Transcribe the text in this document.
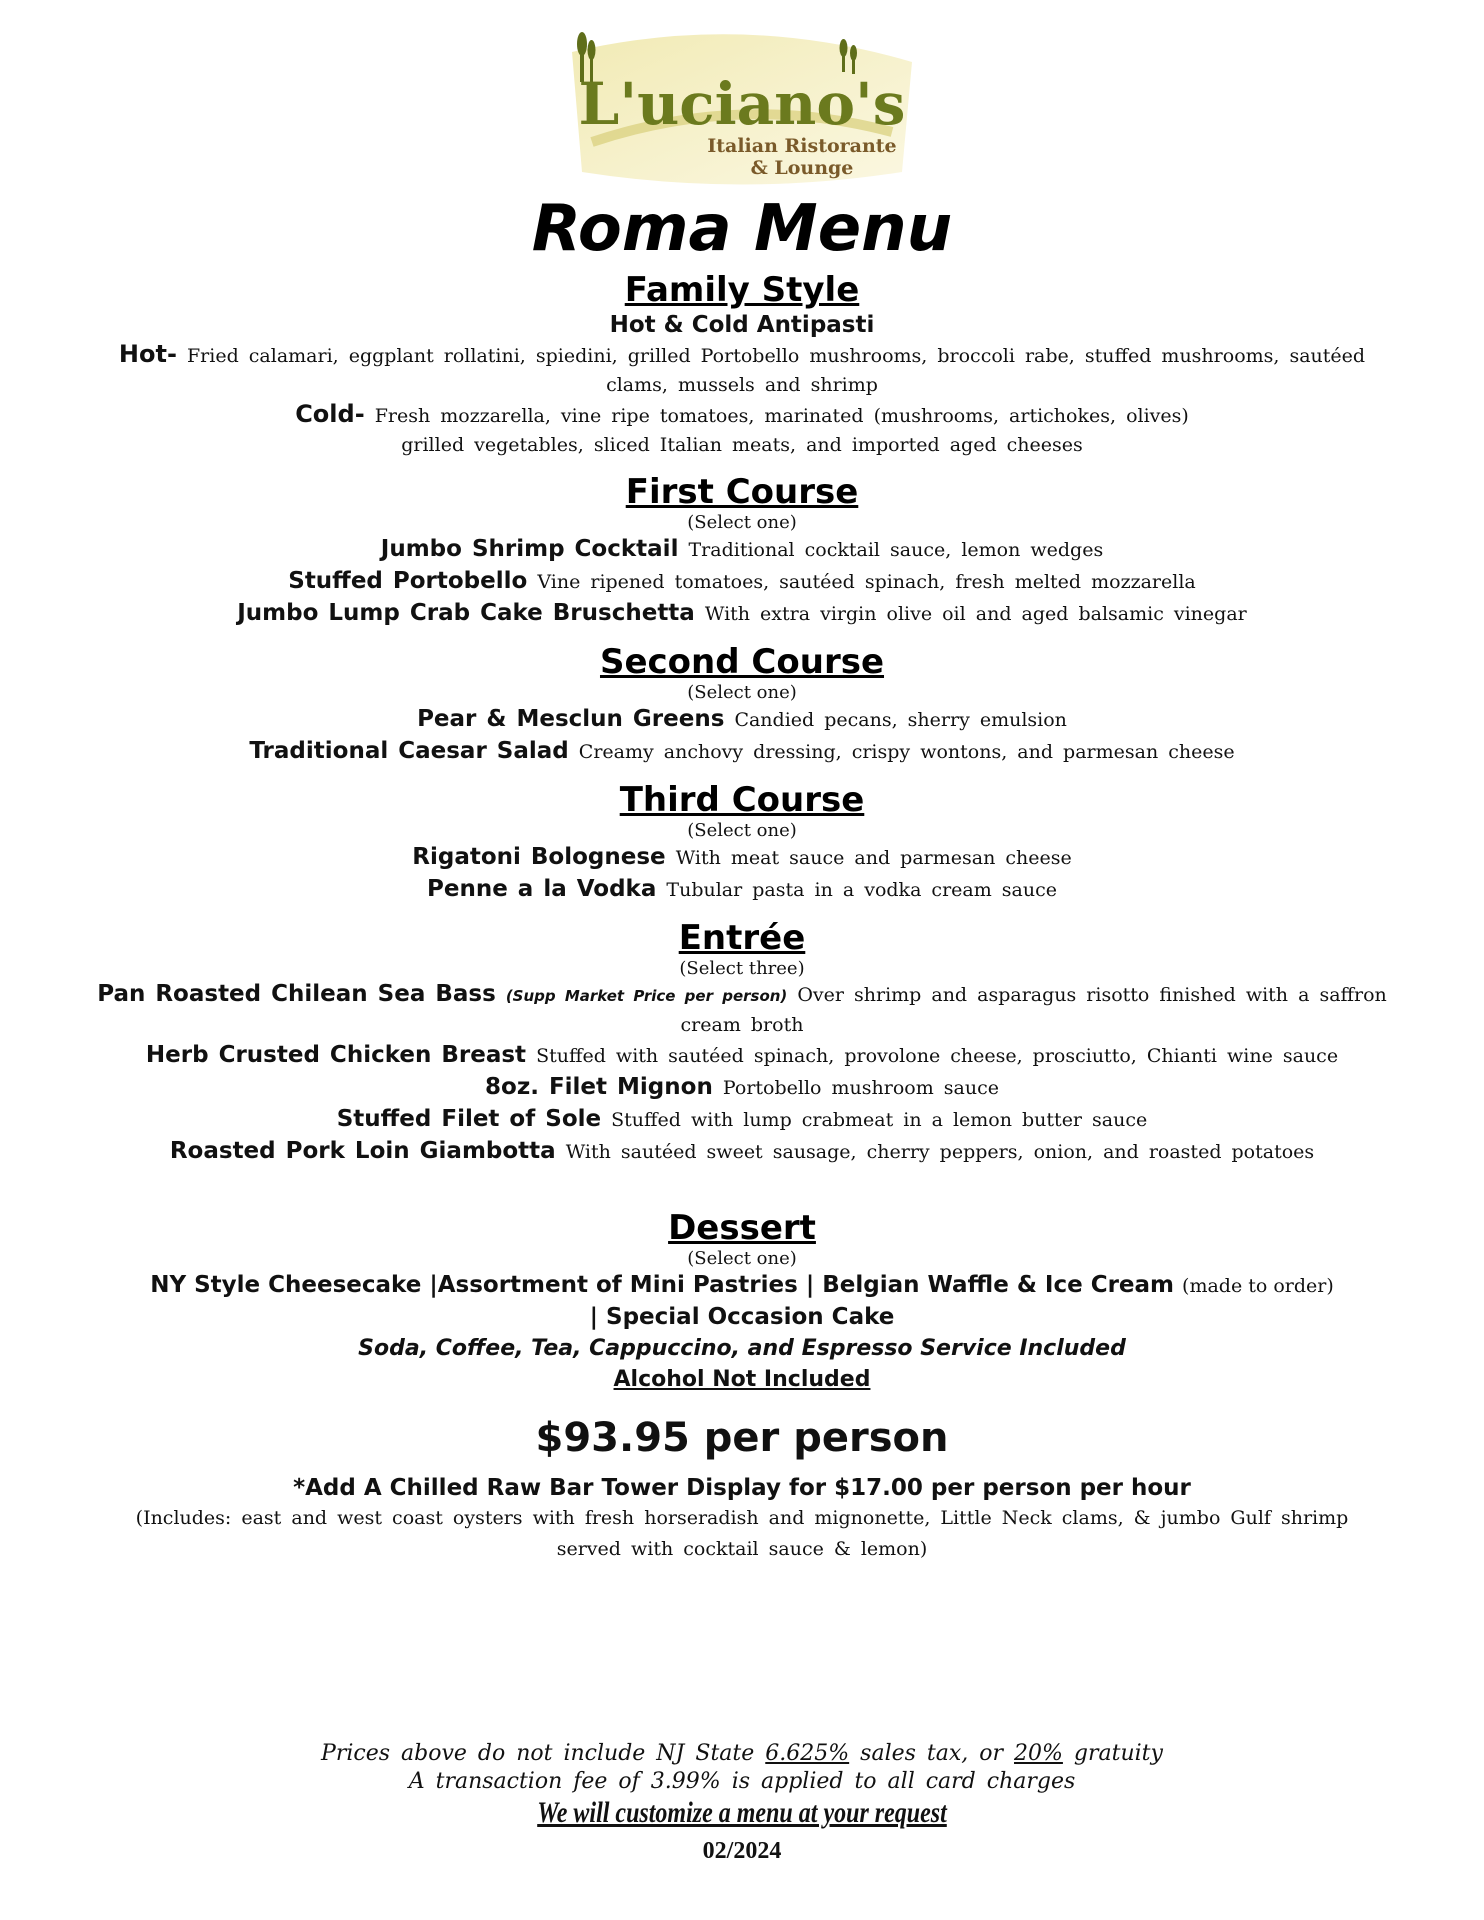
L'uciano's
Italian Ristorante
& Lounge
Roma Menu
Family Style

Hot & Cold Antipasti

Hot- Fried calamari, eggplant rollatini, spiedini, grilled Portobello mushrooms, broccoli rabe, stuffed mushrooms, sautéed
clams, mussels and shrimp

Cold- Fresh mozzarella, vine ripe tomatoes, marinated (mushrooms, artichokes, olives)
grilled vegetables, sliced Italian meats, and imported aged cheeses

First Course

(Select one)

Jumbo Shrimp Cocktail Traditional cocktail sauce, lemon wedges

Stuffed Portobello Vine ripened tomatoes, sautéed spinach, fresh melted mozzarella

Jumbo Lump Crab Cake Bruschetta With extra virgin olive oil and aged balsamic vinegar

Second Course

(Select one)

Pear & Mesclun Greens Candied pecans, sherry emulsion

Traditional Caesar Salad Creamy anchovy dressing, crispy wontons, and parmesan cheese

Third Course

(Select one)

Rigatoni Bolognese With meat sauce and parmesan cheese

Penne a la Vodka Tubular pasta in a vodka cream sauce

Entrée

(Select three)

Pan Roasted Chilean Sea Bass (Supp Market Price per person) Over shrimp and asparagus risotto finished with a saffron
cream broth

Herb Crusted Chicken Breast Stuffed with sautéed spinach, provolone cheese, prosciutto, Chianti wine sauce

8oz. Filet Mignon Portobello mushroom sauce

Stuffed Filet of Sole Stuffed with lump crabmeat in a lemon butter sauce

Roasted Pork Loin Giambotta With sautéed sweet sausage, cherry peppers, onion, and roasted potatoes

Dessert

(Select one)

NY Style Cheesecake |Assortment of Mini Pastries | Belgian Waffle & Ice Cream (made to order)

| Special Occasion Cake

Soda, Coffee, Tea, Cappuccino, and Espresso Service Included

Alcohol Not Included

$93.95 per person

*Add A Chilled Raw Bar Tower Display for $17.00 per person per hour

(Includes: east and west coast oysters with fresh horseradish and mignonette, Little Neck clams, & jumbo Gulf shrimp
served with cocktail sauce & lemon)

Prices above do not include NJ State 6.625% sales tax, or 20% gratuity

A transaction fee of 3.99% is applied to all card charges

We will customize a menu at your request

02/2024
